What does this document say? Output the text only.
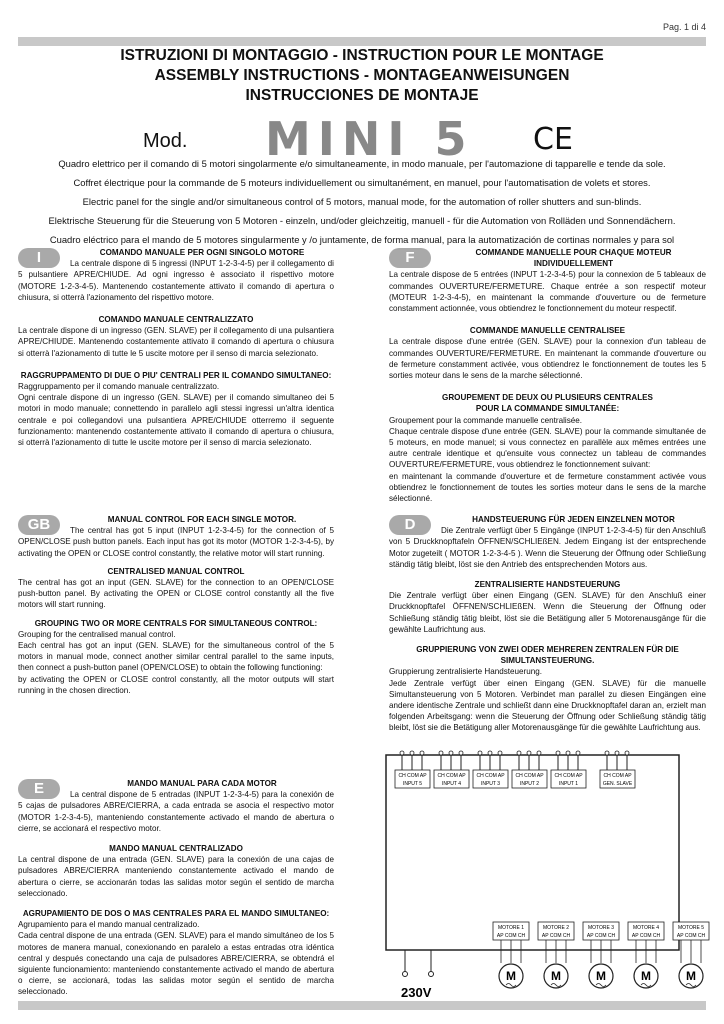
Pag. 1 di 4
ISTRUZIONI DI MONTAGGIO - INSTRUCTION POUR LE MONTAGE
ASSEMBLY INSTRUCTIONS - MONTAGEANWEISUNGEN
INSTRUCCIONES DE MONTAJE
Mod. MINI 5 CE
Quadro elettrico per il comando di 5 motori singolarmente e/o simultaneamente, in modo manuale, per l'automazione di tapparelle e tende da sole.
Coffret électrique pour la commande de 5 moteurs individuellement ou simultanément, en manuel, pour l'automatisation de volets et stores.
Electric panel for the single and/or simultaneous control of 5 motors, manual mode, for the automation of roller shutters and sun-blinds.
Elektrische Steuerung für die Steuerung von 5 Motoren - einzeln, und/oder gleichzeitig, manuell - für die Automation von Rolläden und Sonnendächern.
Cuadro eléctrico para el mando de 5 motores singularmente y /o juntamente, de forma manual, para la automatización de cortinas normales y para sol
I	COMANDO MANUALE PER OGNI SINGOLO MOTORE

La centrale dispone di 5 ingressi (INPUT 1-2-3-4-5) per il collegamento di 5 pulsantiere APRE/CHIUDE. Ad ogni ingresso è associato il rispettivo motore (MOTORE 1-2-3-4-5). Mantenendo costantemente attivato il comando di apertura o chiusura, si otterrà l'azionamento del rispettivo motore.

COMANDO MANUALE CENTRALIZZATO

La centrale dispone di un ingresso (GEN. SLAVE) per il collegamento di una pulsantiera APRE/CHIUDE. Mantenendo costantemente attivato il comando di apertura o chiusura si otterrà l'azionamento di tutte le 5 uscite motore per il senso di marcia selezionato.

RAGGRUPPAMENTO DI DUE O PIU' CENTRALI PER IL COMANDO SIMULTANEO:

Raggruppamento per il comando manuale centralizzato.

Ogni centrale dispone di un ingresso (GEN. SLAVE) per il comando simultaneo dei 5 motori in modo manuale; connettendo in parallelo agli stessi ingressi un'altra identica centrale e poi collegandovi una pulsantiera APRE/CHIUDE otterremo il seguente funzionamento: mantenendo costantemente attivato il comando di apertura o chiusura, si otterrà l'azionamento di tutte le uscite motore per il senso di marcia selezionato.

F	COMMANDE MANUELLE POUR CHAQUE MOTEUR INDIVIDUELLEMENT

La centrale dispose de 5 entrées (INPUT 1-2-3-4-5) pour la connexion de 5 tableaux de commandes OUVERTURE/FERMETURE. Chaque entrée a son respectif moteur (MOTEUR 1-2-3-4-5), en maintenant la commande d'ouverture ou de fermeture constamment actionnée, vous obtiendrez le fonctionnement du moteur respectif.

COMMANDE MANUELLE CENTRALISEE

La centrale dispose d'une entrée (GEN. SLAVE) pour la connexion d'un tableau de commandes OUVERTURE/FERMETURE. En maintenant la commande d'ouverture ou de fermeture constamment activée, vous obtiendrez le fonctionnement de toutes les 5 sorties moteur dans le sens de la marche sélectionné.

GROUPEMENT DE DEUX OU PLUSIEURS CENTRALES
POUR LA COMMANDE SIMULTANÉE:

Groupement pour la commande manuelle centralisée.

Chaque centrale dispose d'une entrée (GEN. SLAVE) pour la commande simultanée de 5 moteurs, en mode manuel; si vous connectez en parallèle aux mêmes entrées une autre centrale identique et qu'ensuite vous connectez un tableau de commandes OUVERTURE/FERMETURE, vous obtiendrez le fonctionnement suivant:

en maintenant la commande d'ouverture et de fermeture constamment activée vous obtiendrez le fonctionnement de toutes les sorties moteur dans le sens de la marche sélectionné.

GB	MANUAL CONTROL FOR EACH SINGLE MOTOR.

The central has got 5 input (INPUT 1-2-3-4-5) for the connection of 5 OPEN/CLOSE push button panels. Each input has got its motor (MOTOR 1-2-3-4-5), by activating the OPEN or CLOSE control constantly, the relative motor will start running.

CENTRALISED MANUAL CONTROL

The central has got an input (GEN. SLAVE) for the connection to an OPEN/CLOSE push-button panel. By activating the OPEN or CLOSE control constantly all the five motors will start running.

GROUPING TWO OR MORE CENTRALS FOR SIMULTANEOUS CONTROL:

Grouping for the centralised manual control.

Each central has got an input (GEN. SLAVE) for the simultaneous control of the 5 motors in manual mode, connect another similar central parallel to the same inputs, then connect a push-button panel (OPEN/CLOSE) to obtain the following functioning:

by activating the OPEN or CLOSE control constantly, all the motor outputs will start running in the chosen direction.

D	HANDSTEUERUNG FÜR JEDEN EINZELNEN MOTOR

Die Zentrale verfügt über 5 Eingänge (INPUT 1-2-3-4-5) für den Anschluß von 5 Druckknopftafeln ÖFFNEN/SCHLIEßEN. Jedem Eingang ist der entsprechende Motor zugeteilt ( MOTOR 1-2-3-4-5 ). Wenn die Steuerung der Öffnung oder Schließung ständig tätig bleibt, löst sie den Antrieb des entsprechenden Motors aus.

ZENTRALISIERTE HANDSTEUERUNG

Die Zentrale verfügt über einen Eingang (GEN. SLAVE) für den Anschluß einer Druckknopftafel ÖFFNEN/SCHLIEßEN. Wenn die Steuerung der Öffnung oder Schließung ständig tätig bleibt, löst sie die Betätigung aller 5 Motorenausgänge für die gewählte Laufrichtung aus.

GRUPPIERUNG VON ZWEI ODER MEHREREN ZENTRALEN FÜR DIE
SIMULTANSTEUERUNG.

Gruppierung zentralisierte Handsteuerung.

Jede Zentrale verfügt über einen Eingang (GEN. SLAVE) für die manuelle Simultansteuerung von 5 Motoren. Verbindet man parallel zu diesen Eingängen eine andere identische Zentrale und schließt dann eine Druckknopftafel daran an, erzielt man folgenden Arbeitsgang: wenn die Steuerung der Öffnung oder Schließung ständig tätig bleibt, löst sie die Betätigung aller Motorenausgänge für die gewählte Laufrichtung aus.

E	MANDO MANUAL PARA CADA MOTOR

La central dispone de 5 entradas (INPUT 1-2-3-4-5) para la conexión de 5 cajas de pulsadores ABRE/CIERRA, a cada entrada se asocia el respectivo motor (MOTOR 1-2-3-4-5), manteniendo constantemente activado el mando de abertura o cierre, se accionará el respectivo motor.

MANDO MANUAL CENTRALIZADO

La central dispone de una entrada (GEN. SLAVE) para la conexión de una cajas de pulsadores ABRE/CIERRA manteniendo constantemente activado el mando de abertura o cierre, se accionarán todas las salidas motor según el sentido de marcha seleccionado.

AGRUPAMIENTO DE DOS O MAS CENTRALES PARA EL MANDO SIMULTANEO:

Agrupamiento para el mando manual centralizado.

Cada central dispone de una entrada (GEN. SLAVE) para el mando simultáneo de los 5 motores de manera manual, conexionando en paralelo a estas entradas otra idéntica central y después conectando una caja de pulsadores ABRE/CIERRA, se obtendrá el siguiente funcionamiento: manteniendo constantemente activado el mando de abertura o cierre, se accionará, todas las salidas motor según el sentido de marcha seleccionado.

CH COM AP
INPUT 5
CH COM AP
INPUT 4
CH COM AP
INPUT 3
CH COM AP
INPUT 2
CH COM AP
INPUT 1
CH COM AP
GEN. SLAVE
MOTORE 1
AP COM CH
M
MOTORE 2
AP COM CH
M
MOTORE 3
AP COM CH
M
MOTORE 4
AP COM CH
M
MOTORE 5
AP COM CH
M
230V
